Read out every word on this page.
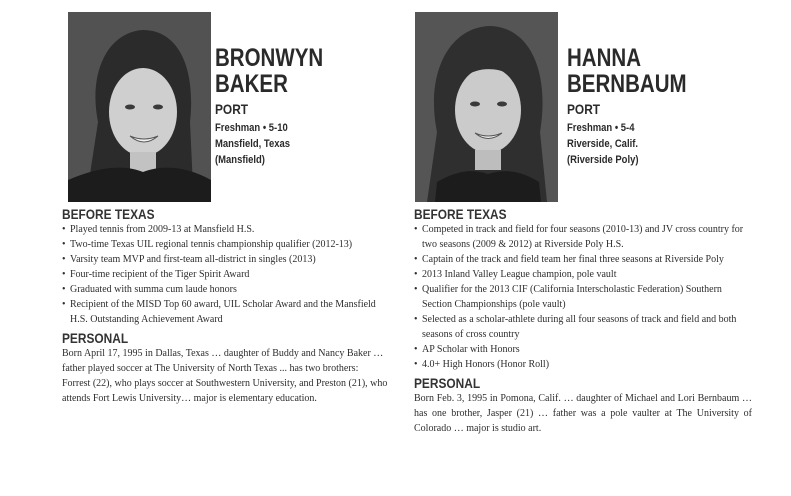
BRONWYN
BAKER
PORT
Freshman • 5-10
Mansfield, Texas
(Mansfield)
BEFORE TEXAS
• Played tennis from 2009-13 at Mansfield H.S.
• Two-time Texas UIL regional tennis championship qualifier (2012-13)
• Varsity team MVP and first-team all-district in singles (2013)
• Four-time recipient of the Tiger Spirit Award
• Graduated with summa cum laude honors
• Recipient of the MISD Top 60 award, UIL Scholar Award and the Mansfield H.S. Outstanding Achievement Award
PERSONAL

Born April 17, 1995 in Dallas, Texas … daughter of Buddy and Nancy Baker … father played soccer at The University of North Texas ... has two brothers: Forrest (22), who plays soccer at Southwestern University, and Preston (21), who attends Fort Lewis University… major is elementary education.

HANNA
BERNBAUM
PORT
Freshman • 5-4
Riverside, Calif.
(Riverside Poly)
BEFORE TEXAS
• Competed in track and field for four seasons (2010-13) and JV cross country for two seasons (2009 & 2012) at Riverside Poly H.S.
• Captain of the track and field team her final three seasons at Riverside Poly
• 2013 Inland Valley League champion, pole vault
• Qualifier for the 2013 CIF (California Interscholastic Federation) Southern Section Championships (pole vault)
• Selected as a scholar-athlete during all four seasons of track and field and both seasons of cross country
• AP Scholar with Honors
• 4.0+ High Honors (Honor Roll)
PERSONAL

Born Feb. 3, 1995 in Pomona, Calif. … daughter of Michael and Lori Bernbaum … has one brother, Jasper (21) … father was a pole vaulter at The University of Colorado … major is studio art.
